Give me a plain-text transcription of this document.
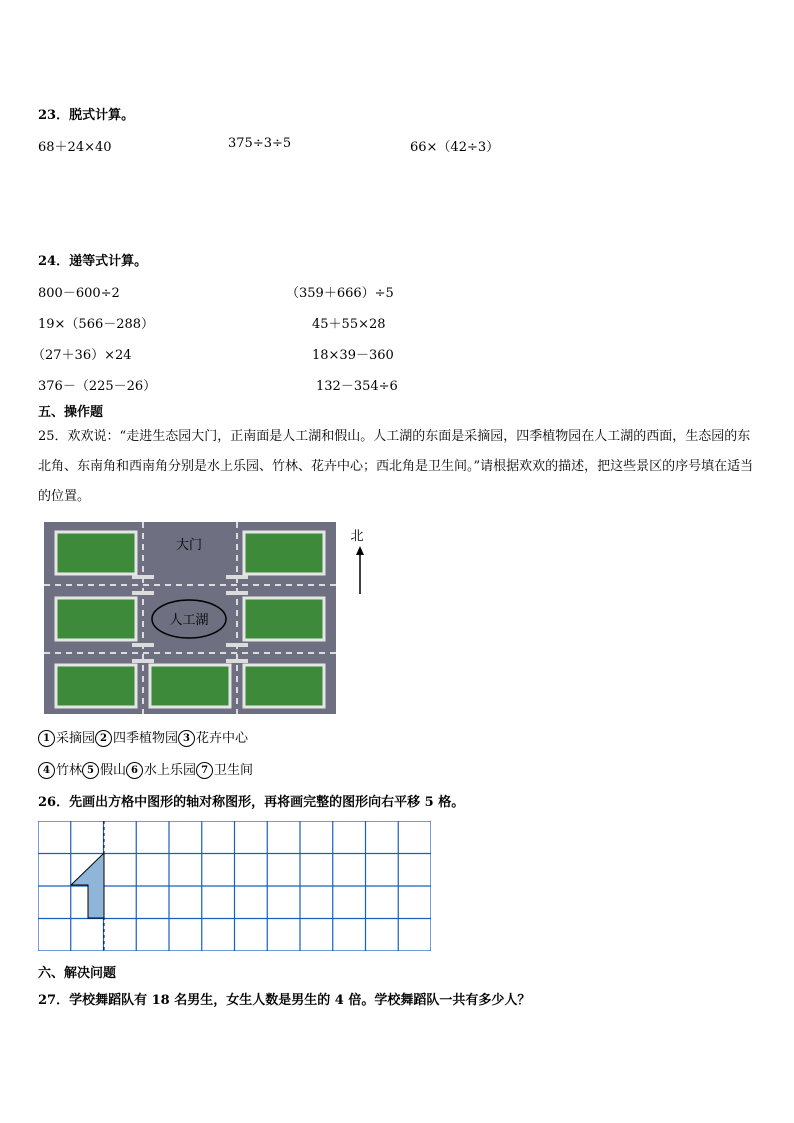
23．脱式计算。
68＋24×40	375÷3÷5	66×（42÷3）
24．递等式计算。
800－600÷2	（359＋666）÷5
19×（566－288）	45＋55×28
（27＋36）×24	18×39－360
376－（225－26）	132－354÷6
五、操作题
25．欢欢说：“走进生态园大门，正南面是人工湖和假山。人工湖的东面是采摘园，四季植物园在人工湖的西面，生态园的东北角、东南角和西南角分别是水上乐园、竹林、花卉中心；西北角是卫生间。”请根据欢欢的描述，把这些景区的序号填在适当的位置。
人工湖
大门
北
1 采摘园 2 四季植物园 3 花卉中心
4 竹林 5 假山 6 水上乐园 7 卫生间
26．先画出方格中图形的轴对称图形，再将画完整的图形向右平移 5 格。
六、解决问题
27．学校舞蹈队有 18 名男生，女生人数是男生的 4 倍。学校舞蹈队一共有多少人？
